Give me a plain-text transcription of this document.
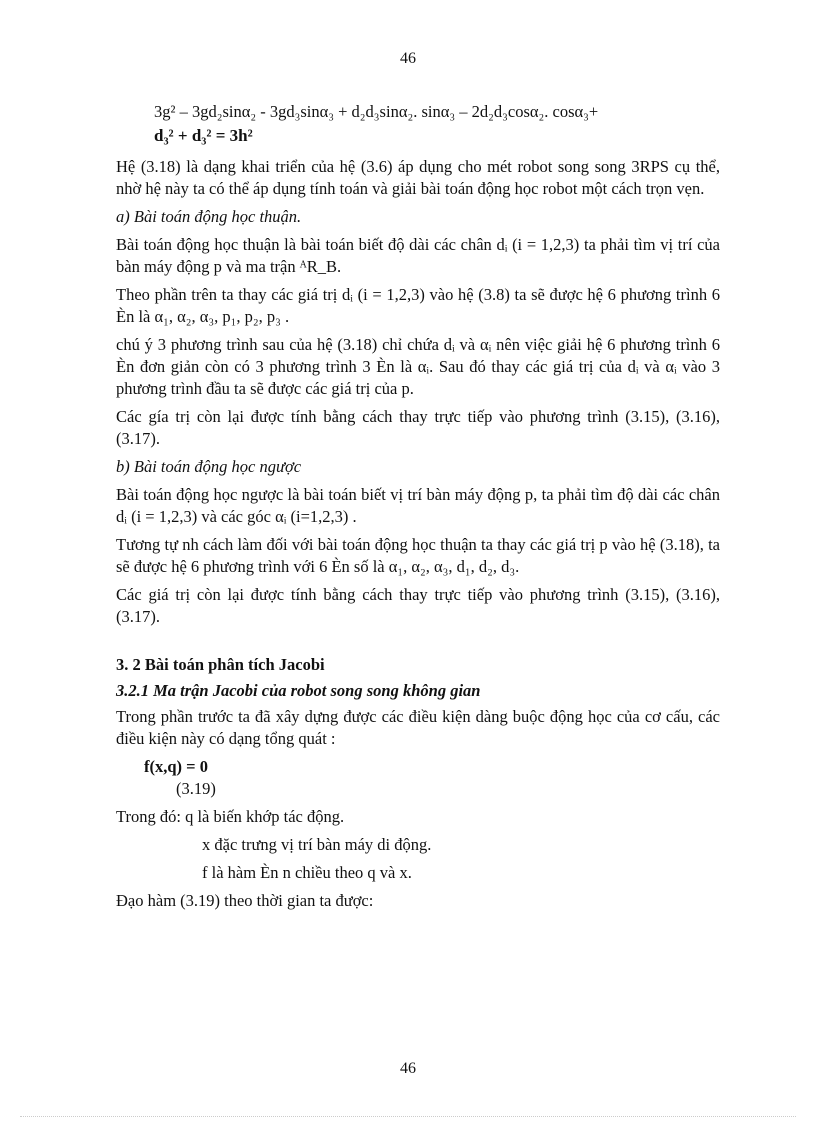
46
3g² – 3gd₂sinα₂ - 3gd₃sinα₃ + d₂d₃sinα₂. sinα₃ – 2d₂d₃cosα₂. cosα₃+
d₃² + d₃² = 3h²

Hệ (3.18) là dạng khai triển của hệ (3.6) áp dụng cho mét robot song song 3RPS cụ thể, nhờ hệ này ta có thể áp dụng tính toán và giải bài toán động học robot một cách trọn vẹn.

a) Bài toán động học thuận.

Bài toán động học thuận là bài toán biết độ dài các chân dᵢ (i = 1,2,3) ta phải tìm vị trí của bàn máy động p và ma trận ᴬR_B.

Theo phần trên ta thay các giá trị dᵢ (i = 1,2,3) vào hệ (3.8) ta sẽ được hệ 6 phương trình 6 Èn là α₁, α₂, α₃, p₁, p₂, p₃ .

chú ý 3 phương trình sau của hệ (3.18) chỉ chứa dᵢ và αᵢ nên việc giải hệ 6 phương trình 6 Èn đơn giản còn có 3 phương trình 3 Èn là αᵢ. Sau đó thay các giá trị của dᵢ và αᵢ vào 3 phương trình đầu ta sẽ được các giá trị của p.

Các gía trị còn lại được tính bằng cách thay trực tiếp vào phương trình (3.15), (3.16), (3.17).

b) Bài toán động học ngược

Bài toán động học ngược là bài toán biết vị trí bàn máy động p, ta phải tìm độ dài các chân dᵢ (i = 1,2,3) và các góc αᵢ (i=1,2,3) .

Tương tự nh cách làm đối với bài toán động học thuận ta thay các giá trị p vào hệ (3.18), ta sẽ được hệ 6 phương trình với 6 Èn số là α₁, α₂, α₃, d₁, d₂, d₃.

Các giá trị còn lại được tính bằng cách thay trực tiếp vào phương trình (3.15), (3.16), (3.17).

3. 2 Bài toán phân tích Jacobi
3.2.1 Ma trận Jacobi của robot song song không gian

Trong phần trước ta đã xây dựng được các điều kiện dàng buộc động học của cơ cấu, các điều kiện này có dạng tổng quát :

f(x,q) = 0
(3.19)
Trong đó: q là biến khớp tác động.
x đặc trưng vị trí bàn máy di động.
f là hàm Èn n chiều theo q và x.
Đạo hàm (3.19) theo thời gian ta được:
46
